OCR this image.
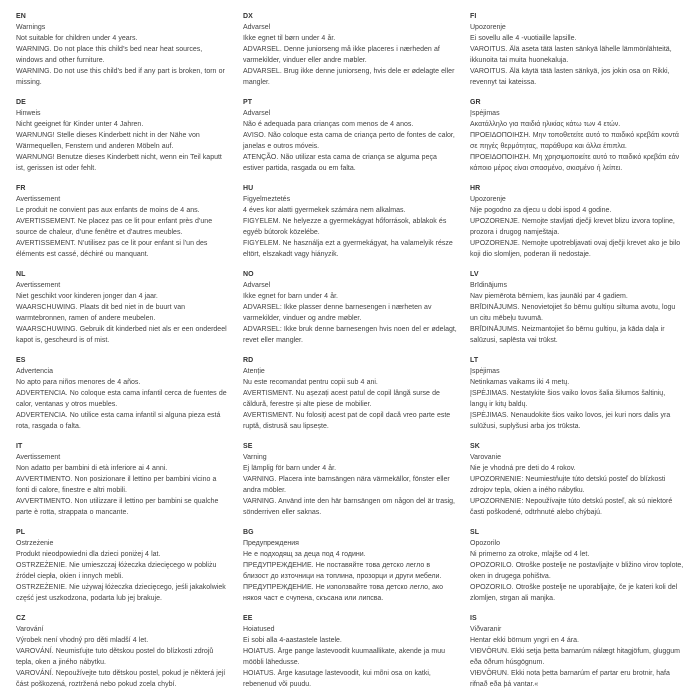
EN
Warnings
Not suitable for children under 4 years.
WARNING. Do not place this child’s bed near heat sources, windows and other furniture.
WARNING. Do not use this child’s bed if any part is broken, torn or missing.
DE
Hinweis
Nicht geeignet für Kinder unter 4 Jahren.
WARNUNG! Stelle dieses Kinderbett nicht in der Nähe von Wärmequellen, Fenstern und anderen Möbeln auf.
WARNUNG! Benutze dieses Kinderbett nicht, wenn ein Teil kaputt ist, gerissen ist oder fehlt.
FR
Avertissement
Le produit ne convient pas aux enfants de moins de 4 ans.
AVERTISSEMENT. Ne placez pas ce lit pour enfant près d’une source de chaleur, d’une fenêtre et d’autres meubles.
AVERTISSEMENT. N’utilisez pas ce lit pour enfant si l’un des éléments est cassé, déchiré ou manquant.
NL
Avertissement
Niet geschikt voor kinderen jonger dan 4 jaar.
WAARSCHUWING. Plaats dit bed niet in de buurt van warmtebronnen, ramen of andere meubelen.
WAARSCHUWING. Gebruik dit kinderbed niet als er een onderdeel kapot is, gescheurd is of mist.
ES
Advertencia
No apto para niños menores de 4 años.
ADVERTENCIA. No coloque esta cama infantil cerca de fuentes de calor, ventanas y otros muebles.
ADVERTENCIA. No utilice esta cama infantil si alguna pieza está rota, rasgada o falta.
IT
Avertissement
Non adatto per bambini di età inferiore ai 4 anni.
AVVERTIMENTO. Non posizionare il lettino per bambini vicino a fonti di calore, finestre e altri mobili.
AVVERTIMENTO. Non utilizzare il lettino per bambini se qualche parte è rotta, strappata o mancante.
PL
Ostrzeżenie
Produkt nieodpowiedni dla dzieci poniżej 4 lat.
OSTRZEŻENIE. Nie umieszczaj łóżeczka dziecięcego w pobliżu źródeł ciepła, okien i innych mebli.
OSTRZEŻENIE. Nie używaj łóżeczka dziecięcego, jeśli jakakolwiek część jest uszkodzona, podarta lub jej brakuje.
CZ
Varování
Výrobek není vhodný pro děti mladší 4 let.
VAROVÁNÍ. Neumisťujte tuto dětskou postel do blízkosti zdrojů tepla, oken a jiného nábytku.
VAROVÁNÍ. Nepoužívejte tuto dětskou postel, pokud je některá její část poškozená, roztržená nebo pokud zcela chybí.
DX
Advarsel
Ikke egnet til børn under 4 år.
ADVARSEL. Denne juniorseng må ikke placeres i nærheden af varmekilder, vinduer eller andre møbler.
ADVARSEL. Brug ikke denne juniorseng, hvis dele er ødelagte eller mangler.
PT
Advarsel
Não é adequada para crianças com menos de 4 anos.
AVISO. Não coloque esta cama de criança perto de fontes de calor, janelas e outros móveis.
ATENÇÃO. Não utilizar esta cama de criança se alguma peça estiver partida, rasgada ou em falta.
HU
Figyelmeztetés
4 éves kor alatti gyermekek számára nem alkalmas.
FIGYELEM. Ne helyezze a gyermekágyat hőforrások, ablakok és egyéb bútorok közelébe.
FIGYELEM. Ne használja ezt a gyermekágyat, ha valamelyik része eltört, elszakadt vagy hiányzik.
NO
Advarsel
Ikke egnet for barn under 4 år.
ADVARSEL: Ikke plasser denne barnesengen i nærheten av varmekilder, vinduer og andre møbler.
ADVARSEL: Ikke bruk denne barnesengen hvis noen del er ødelagt, revet eller mangler.
RD
Atenție
Nu este recomandat pentru copii sub 4 ani.
AVERTISMENT. Nu așezați acest patul de copil lângă surse de căldură, ferestre și alte piese de mobilier.
AVERTISMENT. Nu folosiți acest pat de copil dacă vreo parte este ruptă, distrusă sau lipsește.
SE
Varning
Ej lämplig för barn under 4 år.
VARNING. Placera inte barnsängen nära värmekällor, fönster eller andra möbler.
VARNING. Använd inte den här barnsängen om någon del är trasig, sönderriven eller saknas.
BG
Предупреждения
Не е подходящ за деца под 4 години.
ПРЕДУПРЕЖДЕНИЕ. Не поставяйте това детско легло в близост до източници на топлина, прозорци и други мебели.
ПРЕДУПРЕЖДЕНИЕ. Не използвайте това детско легло, ако някоя част е счупена, скъсана или липсва.
EE
Hoiatused
Ei sobi alla 4-aastastele lastele.
HOIATUS. Ärge pange lastevoodit kuumaallikate, akende ja muu mööbli lähedusse.
HOIATUS. Ärge kasutage lastevoodit, kui mõni osa on katki, rebenenud või puudu.
FI
Upozorenje
Ei sovellu alle 4 -vuotiaille lapsille.
VAROITUS. Älä aseta tätä lasten sänkyä lähelle lämmönlähteitä, ikkunoita tai muita huonekaluja.
VAROITUS. Älä käytä tätä lasten sänkyä, jos jokin osa on Rikki, revennyt tai kateissa.
GR
Įspėjimas
Ακατάλληλο για παιδιά ηλικίας κάτω των 4 ετών.
ΠΡΟΕΙΔΟΠΟΙΗΣΗ. Μην τοποθετείτε αυτό το παιδικό κρεβάτι κοντά σε πηγές θερμότητας, παράθυρα και άλλα έπιπλα.
ΠΡΟΕΙΔΟΠΟΙΗΣΗ. Μη χρησιμοποιείτε αυτό το παιδικό κρεβάτι εάν κάποιο μέρος είναι σπασμένο, σκισμένο ή λείπει.
HR
Upozorenje
Nije pogodno za djecu u dobi ispod 4 godine.
UPOZORENJE. Nemojte stavljati dječji krevet blizu izvora topline, prozora i drugog namještaja.
UPOZORENJE. Nemojte upotrebljavati ovaj dječji krevet ako je bilo koji dio slomljen, poderan ili nedostaje.
LV
Brīdinājums
Nav piemērota bērniem, kas jaunāki par 4 gadiem.
BRĪDINĀJUMS. Nenovietojiet šo bērnu gultiņu siltuma avotu, logu un citu mēbeļu tuvumā.
BRĪDINĀJUMS. Neizmantojiet šo bērnu gultiņu, ja kāda daļa ir salūzusi, saplēsta vai trūkst.
LT
Įspėjimas
Netinkamas vaikams iki 4 metų.
ĮSPĖJIMAS. Nestatykite šios vaiko lovos šalia šilumos šaltinių, langų ir kitų baldų.
ĮSPĖJIMAS. Nenaudokite šios vaiko lovos, jei kuri nors dalis yra sulūžusi, suplyšusi arba jos trūksta.
SK
Varovanie
Nie je vhodná pre deti do 4 rokov.
UPOZORNENIE: Neumiestňujte túto detskú posteľ do blízkosti zdrojov tepla, okien a iného nábytku.
UPOZORNENIE: Nepoužívajte túto detskú posteľ, ak sú niektoré časti poškodené, odtrhnuté alebo chýbajú.
SL
Opozorilo
Ni primerno za otroke, mlajše od 4 let.
OPOZORILO. Otroške postelje ne postavljajte v bližino virov toplote, oken in drugega pohištva.
OPOZORILO. Otroške postelje ne uporabljajte, če je kateri koli del zlomljen, strgan ali manjka.
IS
Viðvaranir
Hentar ekki börnum yngri en 4 ára.
VIÐVÖRUN. Ekki setja þetta barnarúm nálægt hitagjöfum, gluggum eða öðrum húsgögnum.
VIÐVÖRUN. Ekki nota þetta barnarúm ef partar eru brotnir, hafa rifnað eða þá vantar.«
